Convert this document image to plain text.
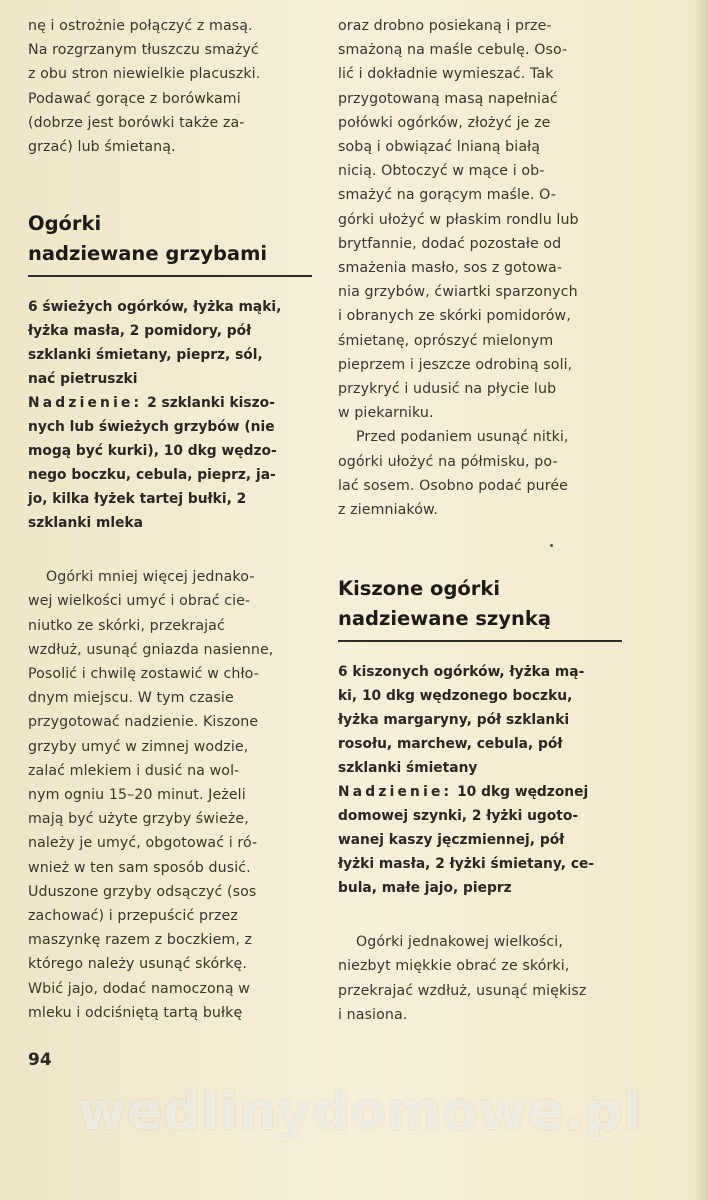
nę i ostrożnie połączyć z masą.
Na rozgrzanym tłuszczu smażyć
z obu stron niewielkie placuszki.
Podawać gorące z borówkami
(dobrze jest borówki także za-
grzać) lub śmietaną.
Ogórki
nadziewane grzybami
6 świeżych ogórków, łyżka mąki,
łyżka masła, 2 pomidory, pół
szklanki śmietany, pieprz, sól,
nać pietruszki
Nadzienie: 2 szklanki kiszo-
nych lub świeżych grzybów (nie
mogą być kurki), 10 dkg wędzo-
nego boczku, cebula, pieprz, ja-
jo, kilka łyżek tartej bułki, 2
szklanki mleka
Ogórki mniej więcej jednako-
wej wielkości umyć i obrać cie-
niutko ze skórki, przekrajać
wzdłuż, usunąć gniazda nasienne,
Posolić i chwilę zostawić w chło-
dnym miejscu. W tym czasie
przygotować nadzienie. Kiszone
grzyby umyć w zimnej wodzie,
zalać mlekiem i dusić na wol-
nym ogniu 15–20 minut. Jeżeli
mają być użyte grzyby świeże,
należy je umyć, obgotować i ró-
wnież w ten sam sposób dusić.
Uduszone grzyby odsączyć (sos
zachować) i przepuścić przez
maszynkę razem z boczkiem, z
którego należy usunąć skórkę.
Wbić jajo, dodać namoczoną w
mleku i odciśniętą tartą bułkę
oraz drobno posiekaną i prze-
smażoną na maśle cebulę. Oso-
lić i dokładnie wymieszać. Tak
przygotowaną masą napełniać
połówki ogórków, złożyć je ze
sobą i obwiązać lnianą białą
nicią. Obtoczyć w mące i ob-
smażyć na gorącym maśle. O-
górki ułożyć w płaskim rondlu lub
brytfannie, dodać pozostałe od
smażenia masło, sos z gotowa-
nia grzybów, ćwiartki sparzonych
i obranych ze skórki pomidorów,
śmietanę, oprószyć mielonym
pieprzem i jeszcze odrobiną soli,
przykryć i udusić na płycie lub
w piekarniku.
Przed podaniem usunąć nitki,
ogórki ułożyć na półmisku, po-
lać sosem. Osobno podać purée
z ziemniaków.
Kiszone ogórki
nadziewane szynką
6 kiszonych ogórków, łyżka mą-
ki, 10 dkg wędzonego boczku,
łyżka margaryny, pół szklanki
rosołu, marchew, cebula, pół
szklanki śmietany
Nadzienie: 10 dkg wędzonej
domowej szynki, 2 łyżki ugoto-
wanej kaszy jęczmiennej, pół
łyżki masła, 2 łyżki śmietany, ce-
bula, małe jajo, pieprz
Ogórki jednakowej wielkości,
niezbyt miękkie obrać ze skórki,
przekrajać wzdłuż, usunąć miękisz
i nasiona.
94
wedlinydomowe.pl
